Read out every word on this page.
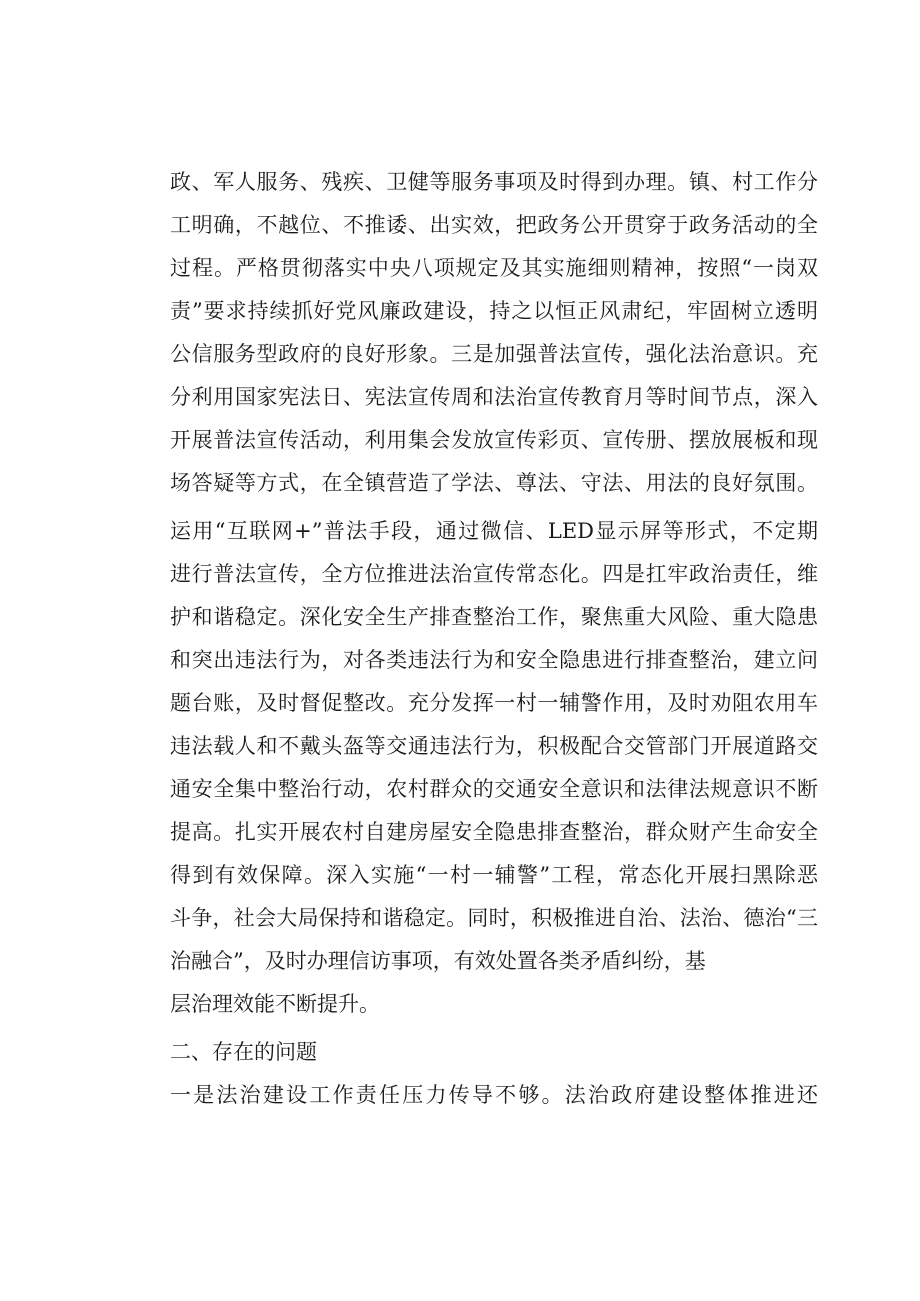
政、军人服务、残疾、卫健等服务事项及时得到办理。镇、村工作分
工明确，不越位、不推诿、出实效，把政务公开贯穿于政务活动的全
过程。严格贯彻落实中央八项规定及其实施细则精神，按照“一岗双
责”要求持续抓好党风廉政建设，持之以恒正风肃纪，牢固树立透明
公信服务型政府的良好形象。三是加强普法宣传，强化法治意识。充
分利用国家宪法日、宪法宣传周和法治宣传教育月等时间节点，深入
开展普法宣传活动，利用集会发放宣传彩页、宣传册、摆放展板和现
场答疑等方式，在全镇营造了学法、尊法、守法、用法的良好氛围。
运用“互联网+”普法手段，通过微信、LED显示屏等形式，不定期
进行普法宣传，全方位推进法治宣传常态化。四是扛牢政治责任，维
护和谐稳定。深化安全生产排查整治工作，聚焦重大风险、重大隐患
和突出违法行为，对各类违法行为和安全隐患进行排查整治，建立问
题台账，及时督促整改。充分发挥一村一辅警作用，及时劝阻农用车
违法载人和不戴头盔等交通违法行为，积极配合交管部门开展道路交
通安全集中整治行动，农村群众的交通安全意识和法律法规意识不断
提高。扎实开展农村自建房屋安全隐患排查整治，群众财产生命安全
得到有效保障。深入实施“一村一辅警”工程，常态化开展扫黑除恶
斗争，社会大局保持和谐稳定。同时，积极推进自治、法治、德治“三
治融合”，及时办理信访事项，有效处置各类矛盾纠纷，基
层治理效能不断提升。
二、存在的问题
一是法治建设工作责任压力传导不够。法治政府建设整体推进还
